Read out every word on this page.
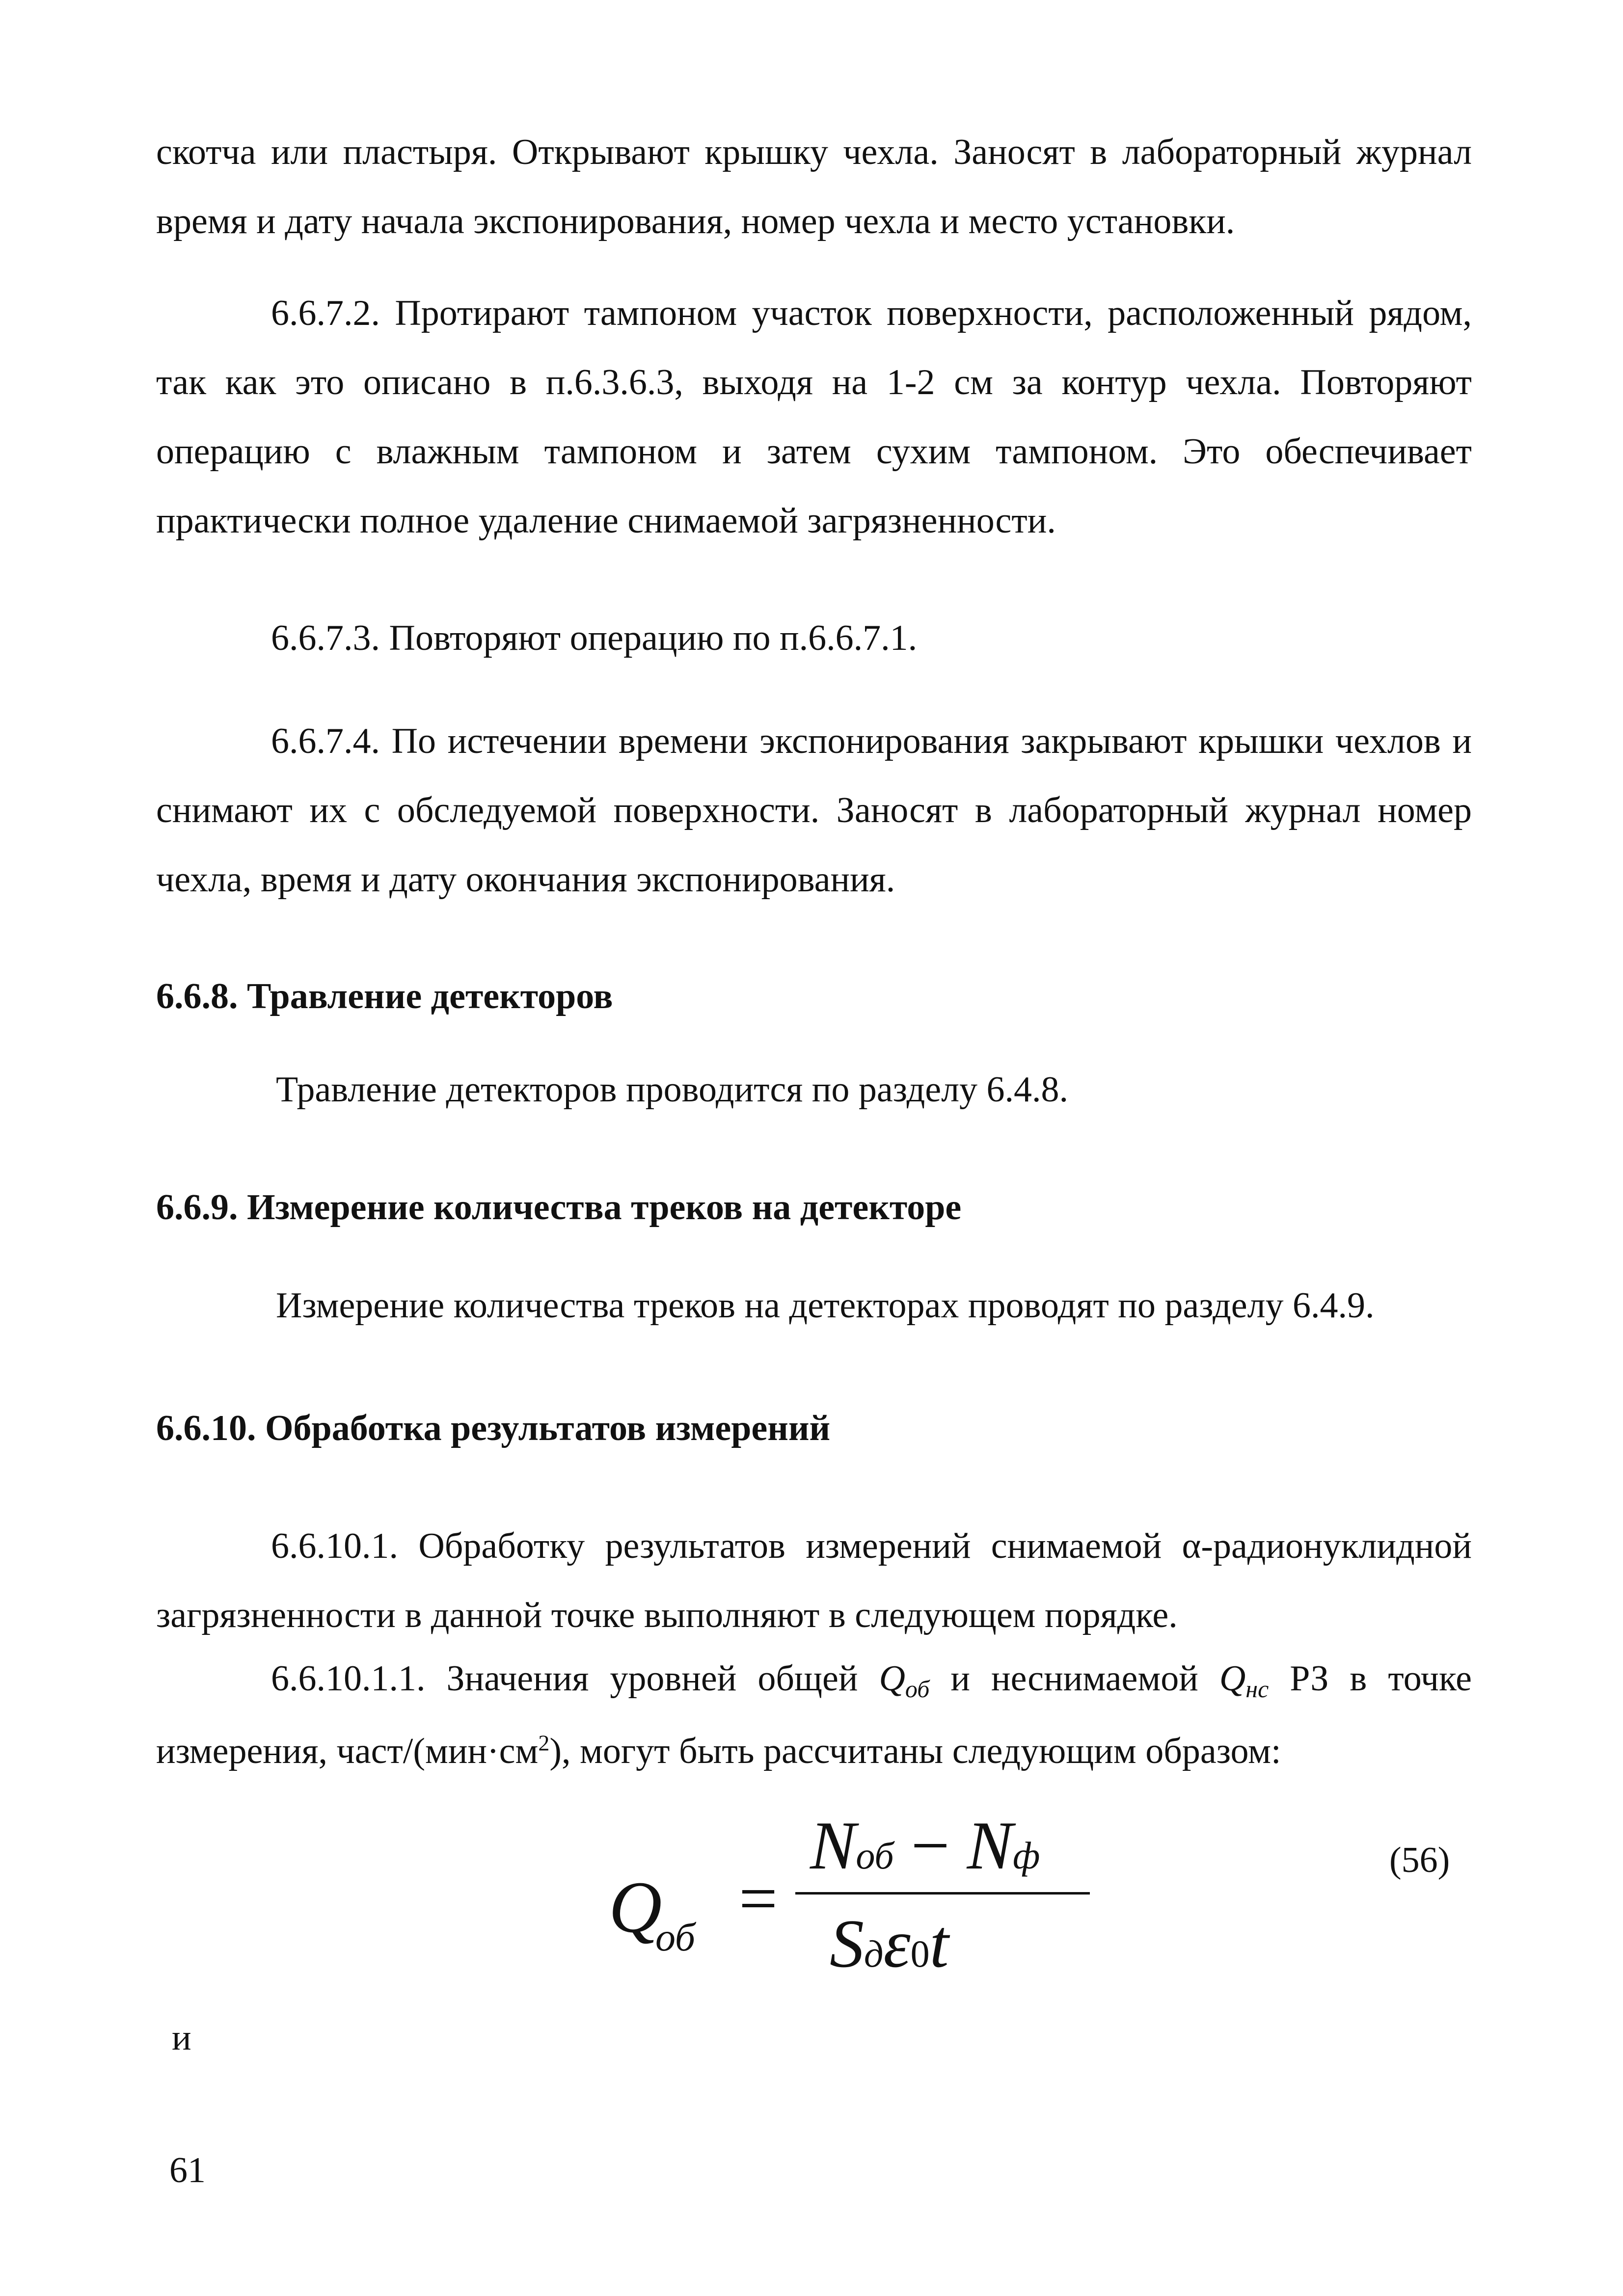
скотча или пластыря. Открывают крышку чехла. Заносят в лабораторный журнал время и дату начала экспонирования, номер чехла и место установки.

6.6.7.2. Протирают тампоном участок поверхности, расположенный рядом, так как это описано в п.6.3.6.3, выходя на 1-2 см за контур чехла. Повторяют операцию с влажным тампоном и затем сухим тампоном. Это обеспечивает практически полное удаление снимаемой загрязненности.

6.6.7.3. Повторяют операцию по п.6.6.7.1.

6.6.7.4. По истечении времени экспонирования закрывают крышки чехлов и снимают их с обследуемой поверхности. Заносят в лабораторный журнал номер чехла, время и дату окончания экспонирования.

6.6.8. Травление детекторов

Травление детекторов проводится по разделу 6.4.8.

6.6.9. Измерение количества треков на детекторе

Измерение количества треков на детекторах проводят по разделу 6.4.9.

6.6.10. Обработка результатов измерений

6.6.10.1. Обработку результатов измерений снимаемой α-радионуклидной загрязненности в данной точке выполняют в следующем порядке.

6.6.10.1.1. Значения уровней общей Qоб и неснимаемой Qнс РЗ в точке измерения, част/$(мин\cdot см^2)$, могут быть рассчитаны следующим образом:

Q
об
=
Nоб − Nф
Sдε0t
(56)
и
61
